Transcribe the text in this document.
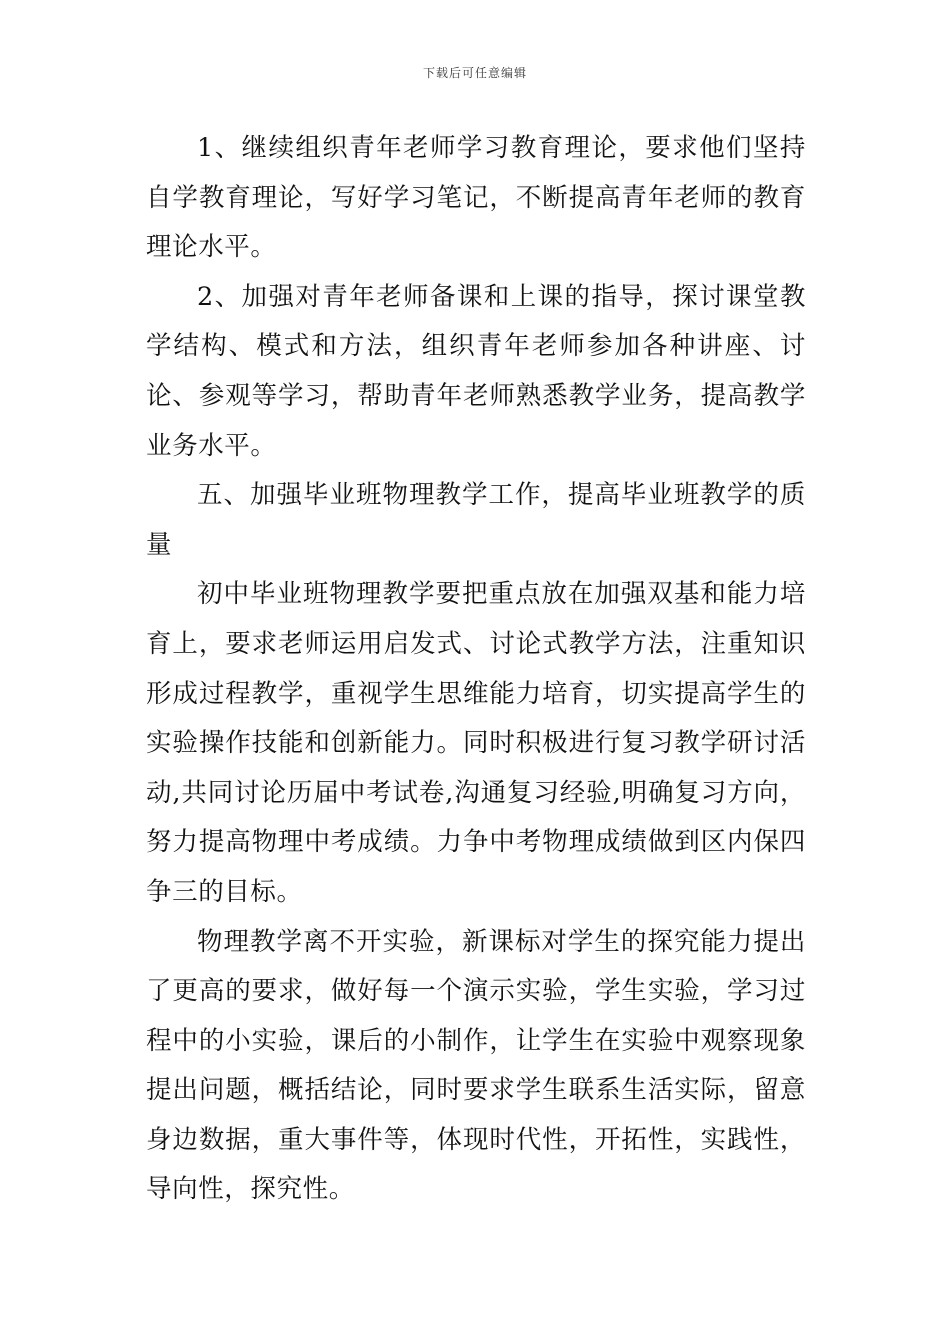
下载后可任意编辑

1、继续组织青年老师学习教育理论，要求他们坚持自学教育理论，写好学习笔记，不断提高青年老师的教育理论水平。

2、加强对青年老师备课和上课的指导，探讨课堂教学结构、模式和方法，组织青年老师参加各种讲座、讨论、参观等学习，帮助青年老师熟悉教学业务，提高教学业务水平。

五、加强毕业班物理教学工作，提高毕业班教学的质量

初中毕业班物理教学要把重点放在加强双基和能力培育上，要求老师运用启发式、讨论式教学方法，注重知识形成过程教学，重视学生思维能力培育，切实提高学生的实验操作技能和创新能力。同时积极进行复习教学研讨活动,共同讨论历届中考试卷,沟通复习经验,明确复习方向，努力提高物理中考成绩。力争中考物理成绩做到区内保四争三的目标。

物理教学离不开实验，新课标对学生的探究能力提出了更高的要求，做好每一个演示实验，学生实验，学习过程中的小实验，课后的小制作，让学生在实验中观察现象提出问题，概括结论，同时要求学生联系生活实际，留意身边数据，重大事件等，体现时代性，开拓性，实践性，导向性，探究性。
